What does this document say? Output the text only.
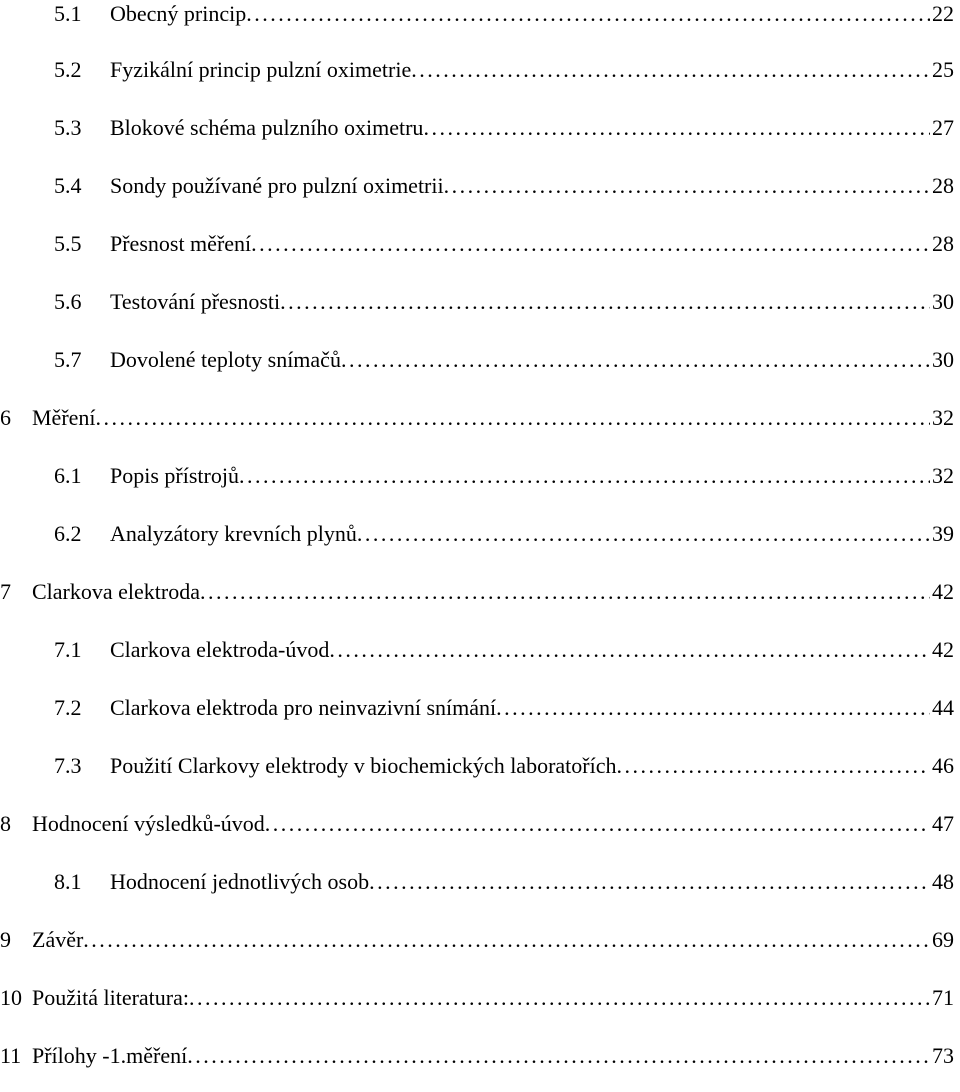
5.1	Obecný princip . . .	22
5.2	Fyzikální princip pulzní oximetrie . . .	25
5.3	Blokové schéma pulzního oximetru . . .	27
5.4	Sondy používané pro pulzní oximetrii . . .	28
5.5	Přesnost měření . . .	28
5.6	Testování přesnosti . . .	30
5.7	Dovolené teploty snímačů . . .	30
6 Měření . . .	32
6.1	Popis přístrojů . . .	32
6.2	Analyzátory krevních plynů . . .	39
7 Clarkova elektroda . . .	42
7.1	Clarkova elektroda-úvod . . .	42
7.2	Clarkova elektroda pro neinvazivní snímání . . .	44
7.3	Použití Clarkovy elektrody v biochemických laboratořích . . .	46
8 Hodnocení výsledků-úvod . . .	47
8.1	Hodnocení jednotlivých osob . . .	48
9 Závěr . . .	69
10 Použitá literatura: . . .	71
11 Přílohy -1.měření . . .	73
